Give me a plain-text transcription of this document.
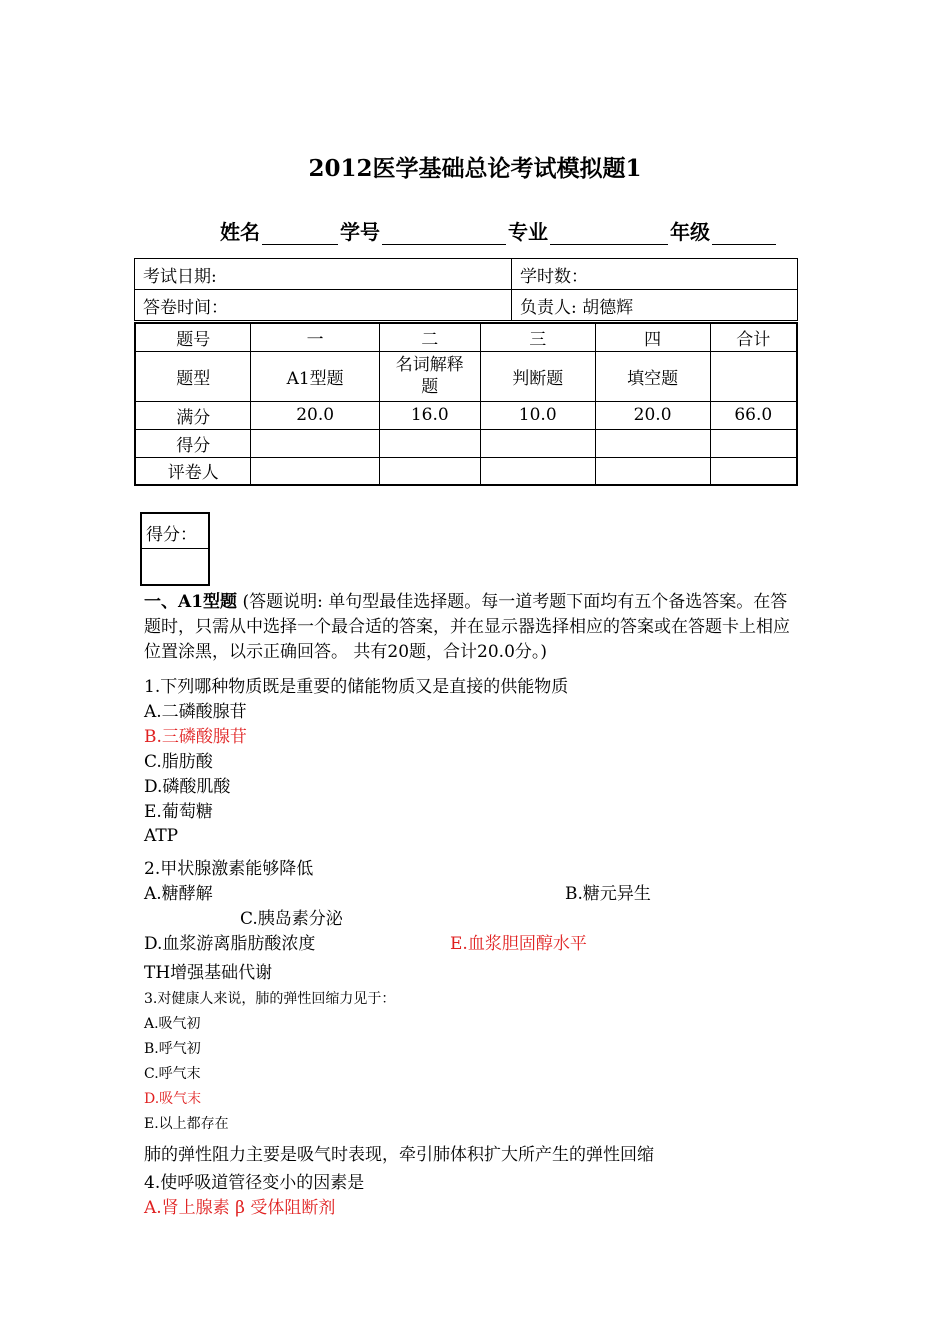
2012医学基础总论考试模拟题1
姓名	学号	专业	年级
考试日期:	学时数：
答卷时间：	负责人: 胡德辉
题号	一	二	三	四	合计
题型	A1型题	名词解释题	判断题	填空题	
满分	20.0	16.0	10.0	20.0	66.0
得分					
评卷人					
得分：
一、A1型题 (答题说明: 单句型最佳选择题。每一道考题下面均有五个备选答案。在答题时，只需从中选择一个最合适的答案，并在显示器选择相应的答案或在答题卡上相应位置涂黑，以示正确回答。 共有20题，合计20.0分。)
1.下列哪种物质既是重要的储能物质又是直接的供能物质
A.二磷酸腺苷
B.三磷酸腺苷
C.脂肪酸
D.磷酸肌酸
E.葡萄糖
ATP
2.甲状腺激素能够降低
A.糖酵解	B.糖元异生
C.胰岛素分泌
D.血浆游离脂肪酸浓度	E.血浆胆固醇水平
TH增强基础代谢
3.对健康人来说，肺的弹性回缩力见于：
A.吸气初
B.呼气初
C.呼气末
D.吸气末
E.以上都存在
肺的弹性阻力主要是吸气时表现，牵引肺体积扩大所产生的弹性回缩
4.使呼吸道管径变小的因素是
A.肾上腺素 β 受体阻断剂
